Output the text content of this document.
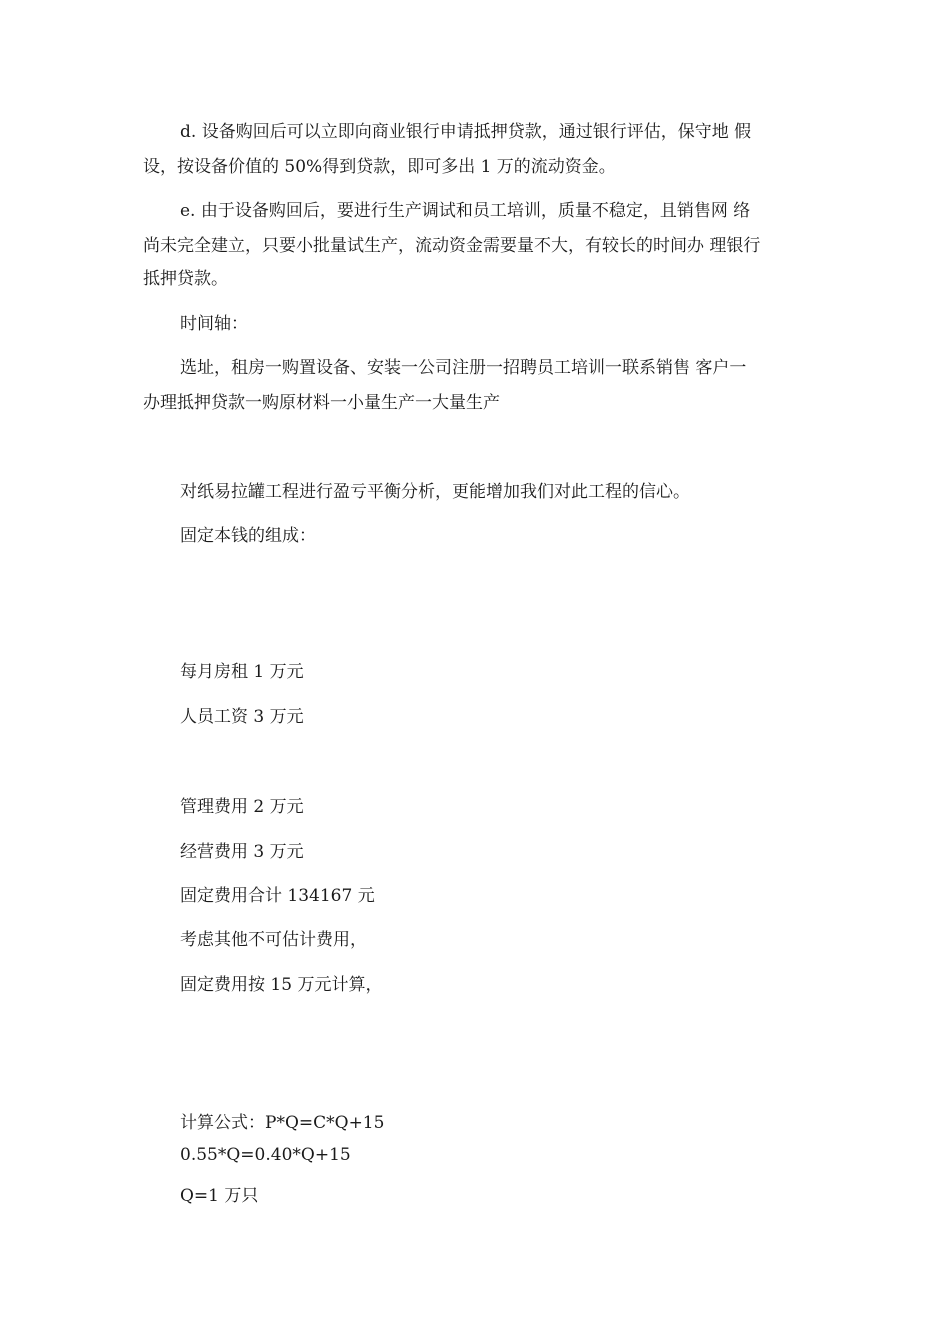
d. 设备购回后可以立即向商业银行申请抵押贷款，通过银行评估，保守地 假
设，按设备价值的 50%得到贷款，即可多出 1 万的流动资金。
e. 由于设备购回后，要进行生产调试和员工培训，质量不稳定，且销售网 络
尚未完全建立，只要小批量试生产，流动资金需要量不大，有较长的时间办 理银行
抵押贷款。
时间轴：
选址，租房一购置设备、安装一公司注册一招聘员工培训一联系销售 客户一
办理抵押贷款一购原材料一小量生产一大量生产
对纸易拉罐工程进行盈亏平衡分析，更能增加我们对此工程的信心。
固定本钱的组成：
每月房租 1 万元
人员工资 3 万元
管理费用 2 万元
经营费用 3 万元
固定费用合计 134167 元
考虑其他不可估计费用，
固定费用按 15 万元计算，
计算公式：P*Q=C*Q+15
0.55*Q=0.40*Q+15
Q=1 万只
